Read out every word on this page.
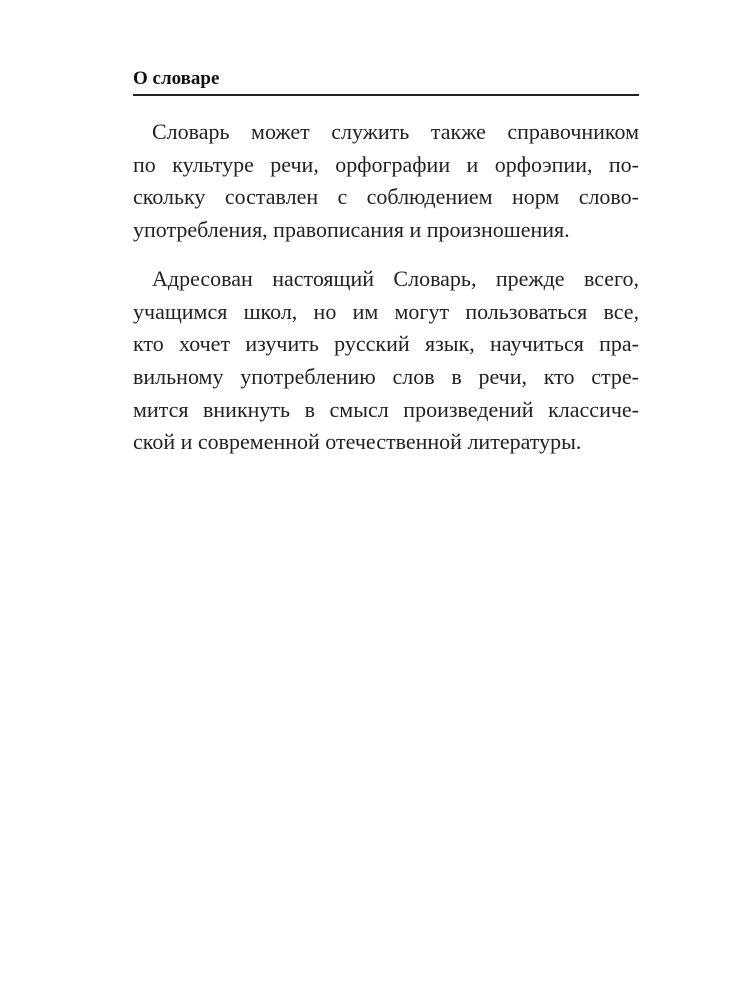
О словаре
Словарь может служить также справочником
по культуре речи, орфографии и орфоэпии, по-
скольку составлен с соблюдением норм слово-
употребления, правописания и произношения.
Адресован настоящий Словарь, прежде всего,
учащимся школ, но им могут пользоваться все,
кто хочет изучить русский язык, научиться пра-
вильному употреблению слов в речи, кто стре-
мится вникнуть в смысл произведений классиче-
ской и современной отечественной литературы.
